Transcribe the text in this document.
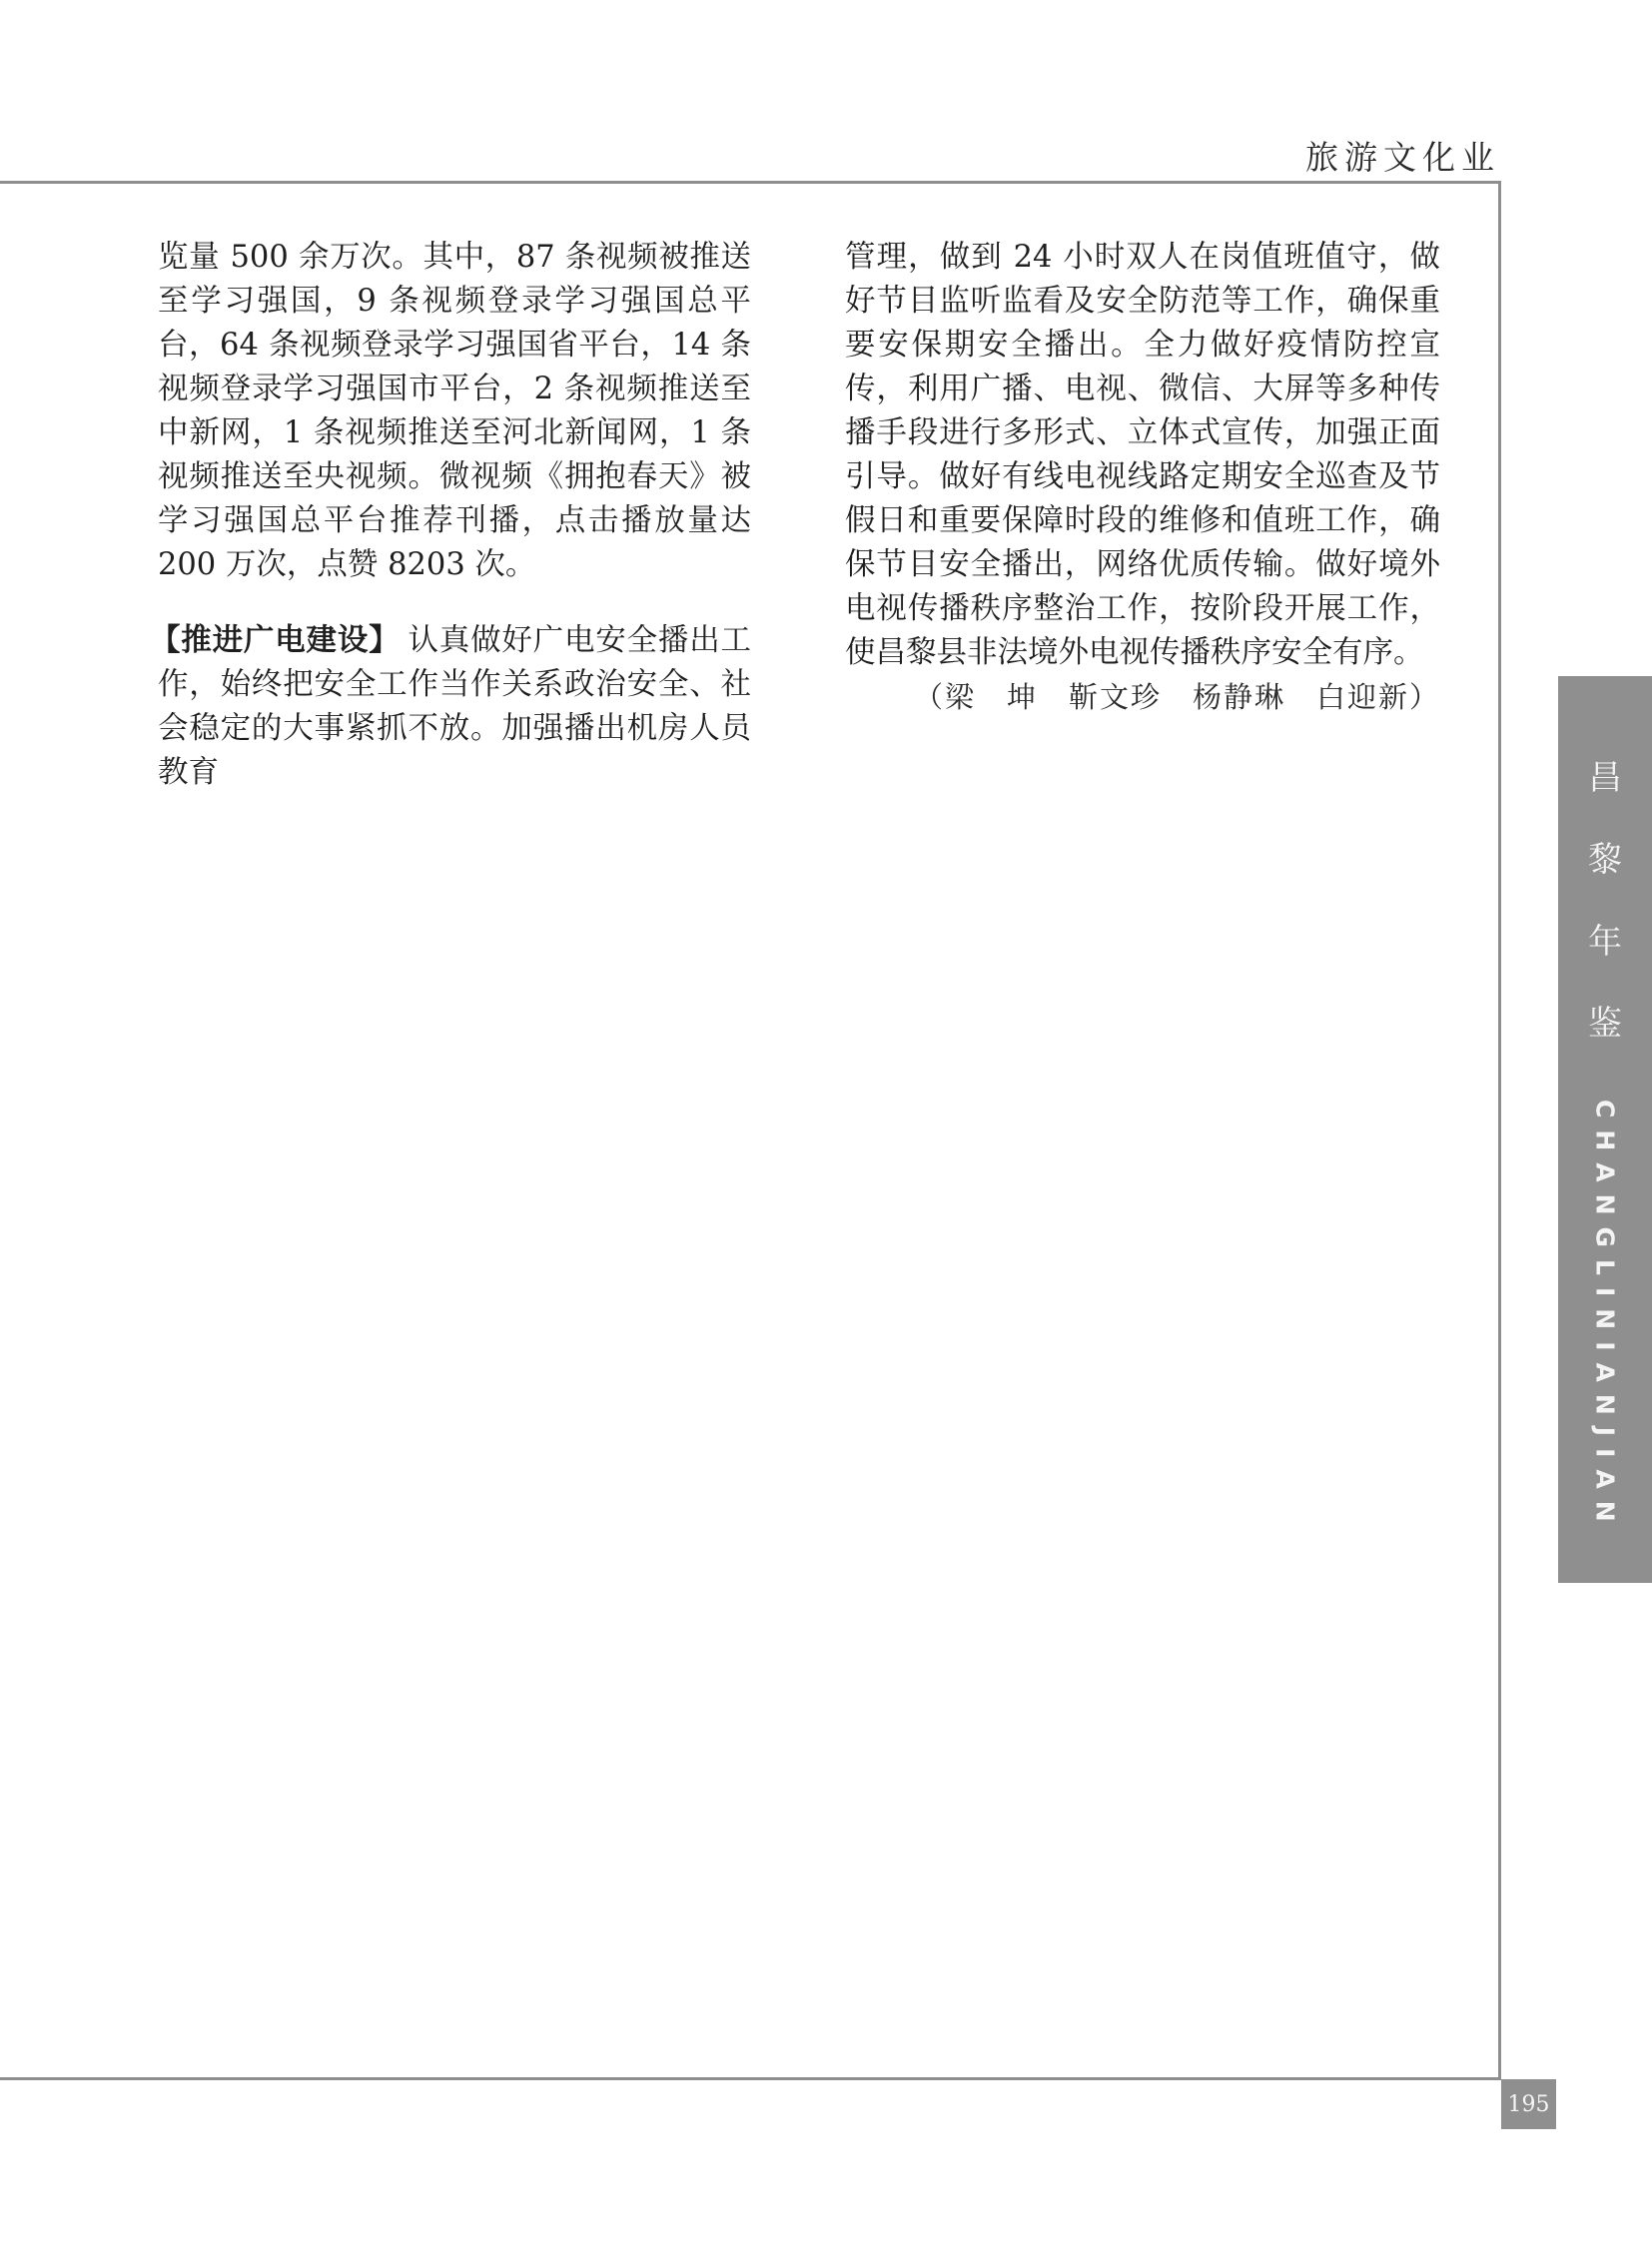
旅游文化业

览量 500 余万次。其中，87 条视频被推送至学习强国，9 条视频登录学习强国总平台，64 条视频登录学习强国省平台，14 条视频登录学习强国市平台，2 条视频推送至中新网，1 条视频推送至河北新闻网，1 条视频推送至央视频。微视频《拥抱春天》被学习强国总平台推荐刊播，点击播放量达 200 万次，点赞 8203 次。

【推进广电建设】 认真做好广电安全播出工作，始终把安全工作当作关系政治安全、社会稳定的大事紧抓不放。加强播出机房人员教育

管理，做到 24 小时双人在岗值班值守，做好节目监听监看及安全防范等工作，确保重要安保期安全播出。全力做好疫情防控宣传，利用广播、电视、微信、大屏等多种传播手段进行多形式、立体式宣传，加强正面引导。做好有线电视线路定期安全巡查及节假日和重要保障时段的维修和值班工作，确保节目安全播出，网络优质传输。做好境外电视传播秩序整治工作，按阶段开展工作，使昌黎县非法境外电视传播秩序安全有序。

（梁　坤　靳文珍　杨静琳　白迎新）

昌
黎
年
鉴
CHANGLINIANJIAN
195
